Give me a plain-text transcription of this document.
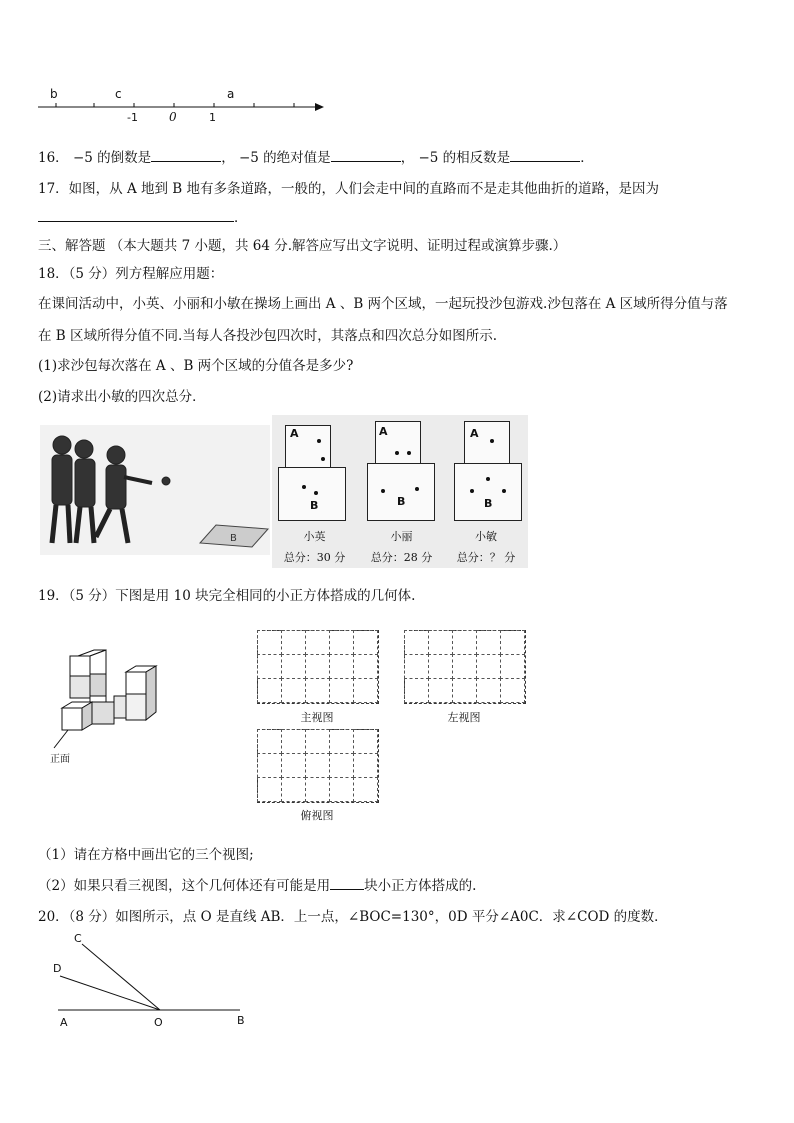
b	c	a
-1	0	1
16． −5 的倒数是	， −5 的绝对值是	， −5 的相反数是	．
17．如图，从 A 地到 B 地有多条道路，一般的，人们会走中间的直路而不是走其他曲折的道路，是因为
．
三、解答题 （本大题共 7 小题，共 64 分.解答应写出文字说明、证明过程或演算步骤.）
18．（5 分）列方程解应用题：
在课间活动中，小英、小丽和小敏在操场上画出 A 、B 两个区域，一起玩投沙包游戏.沙包落在 A 区域所得分值与落
在 B 区域所得分值不同.当每人各投沙包四次时，其落点和四次总分如图所示.
(1)求沙包每次落在 A 、B 两个区域的分值各是多少?
(2)请求出小敏的四次总分．
B
A
B
小英
总分：30 分
A
B
小丽
总分：28 分
A
B
小敏
总分：？ 分
19．（5 分）下图是用 10 块完全相同的小正方体搭成的几何体.
正面
主视图	左视图
俯视图
（1）请在方格中画出它的三个视图;
（2）如果只看三视图，这个几何体还有可能是用	块小正方体搭成的.
20．（8 分）如图所示，点 O 是直线 AB．上一点，∠BOC=130°，0D 平分∠A0C．求∠COD 的度数．
A	O	B
C
D
